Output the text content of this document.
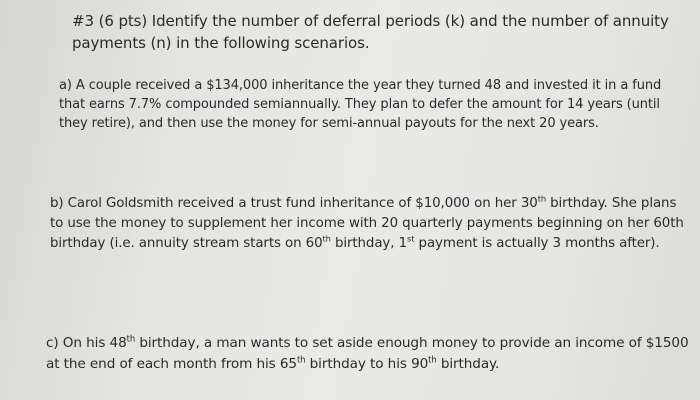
#3 (6 pts) Identify the number of deferral periods (k) and the number of annuity
payments (n) in the following scenarios.
a) A couple received a $134,000 inheritance the year they turned 48 and invested it in a fund
that earns 7.7% compounded semiannually. They plan to defer the amount for 14 years (until
they retire), and then use the money for semi-annual payouts for the next 20 years.
b) Carol Goldsmith received a trust fund inheritance of $10,000 on her 30th birthday. She plans
to use the money to supplement her income with 20 quarterly payments beginning on her 60th
birthday (i.e. annuity stream starts on 60th birthday, 1st payment is actually 3 months after).
c) On his 48th birthday, a man wants to set aside enough money to provide an income of $1500
at the end of each month from his 65th birthday to his 90th birthday.
